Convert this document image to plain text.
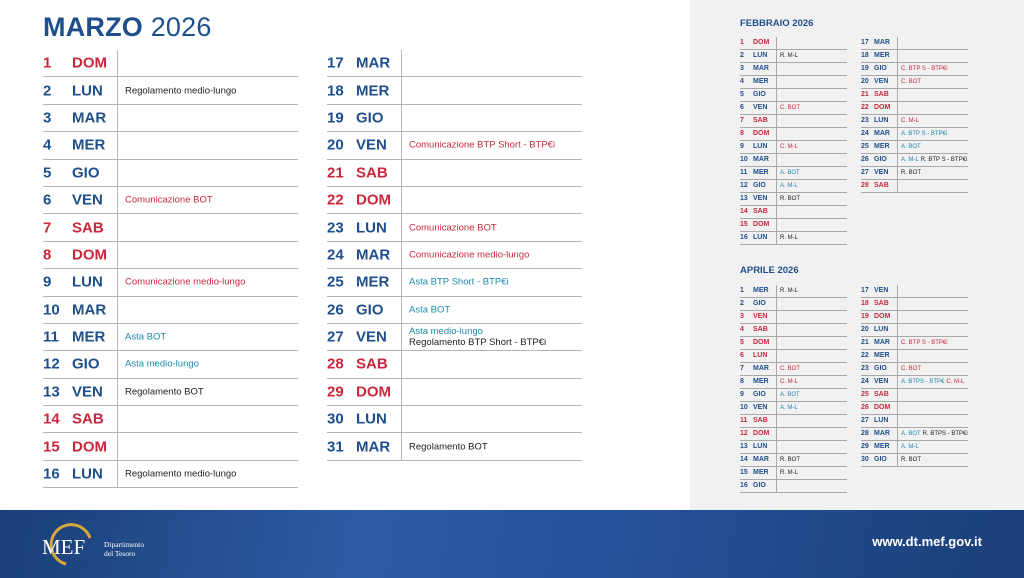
MARZO 2026
1	DOM
2	LUN Regolamento medio-lungo
3	MAR
4	MER
5	GIO
6	VEN Comunicazione BOT
7	SAB
8	DOM
9	LUN Comunicazione medio-lungo
10 MAR
11 MER Asta BOT
12 GIO	Asta medio-lungo
13 VEN Regolamento BOT
14 SAB
15 DOM
16 LUN Regolamento medio-lungo
17 MAR
18 MER
19 GIO
20 VEN Comunicazione BTP Short - BTP€i
21 SAB
22 DOM
23 LUN Comunicazione BOT
24 MAR Comunicazione medio-lungo
25 MER Asta BTP Short - BTP€i
26 GIO	Asta BOT
27 VEN Asta medio-lungo
Regolamento BTP Short - BTP€i
28 SAB
29 DOM
30 LUN
31 MAR Regolamento BOT
FEBBRAIO 2026
1 DOM
2 LUN R. M-L
3 MAR
4 MER
5 GIO
6 VEN C. BOT
7 SAB
8 DOM
9 LUN C. M-L
10 MAR
11 MER A. BOT
12 GIO A. M-L
13 VEN R. BOT
14 SAB
15 DOM
16 LUN R. M-L
17 MAR
18 MER
19 GIO C. BTP S - BTP€i
20 VEN C. BOT
21 SAB
22 DOM
23 LUN C. M-L
24 MAR A. BTP S - BTP€i
25 MER A. BOT
26 GIO A. M-L R. BTP S - BTP€i
27 VEN R. BOT
28 SAB
APRILE 2026
1 MER R. M-L
2 GIO
3 VEN
4 SAB
5 DOM
6 LUN
7 MAR C. BOT
8 MER C. M-L
9 GIO A. BOT
10 VEN A. M-L
11 SAB
12 DOM
13 LUN
14 MAR R. BOT
15 MER R. M-L
16 GIO
17 VEN
18 SAB
19 DOM
20 LUN
21 MAR C. BTP S - BTP€i
22 MER
23 GIO C. BOT
24 VEN A. BTPS - BTP€ C. M-L
25 SAB
26 DOM
27 LUN
28 MAR A. BOT R. BTPS - BTP€i
29 MER A. M-L
30 GIO R. BOT
MEF	Dipartimento
del Tesoro
www.dt.mef.gov.it
